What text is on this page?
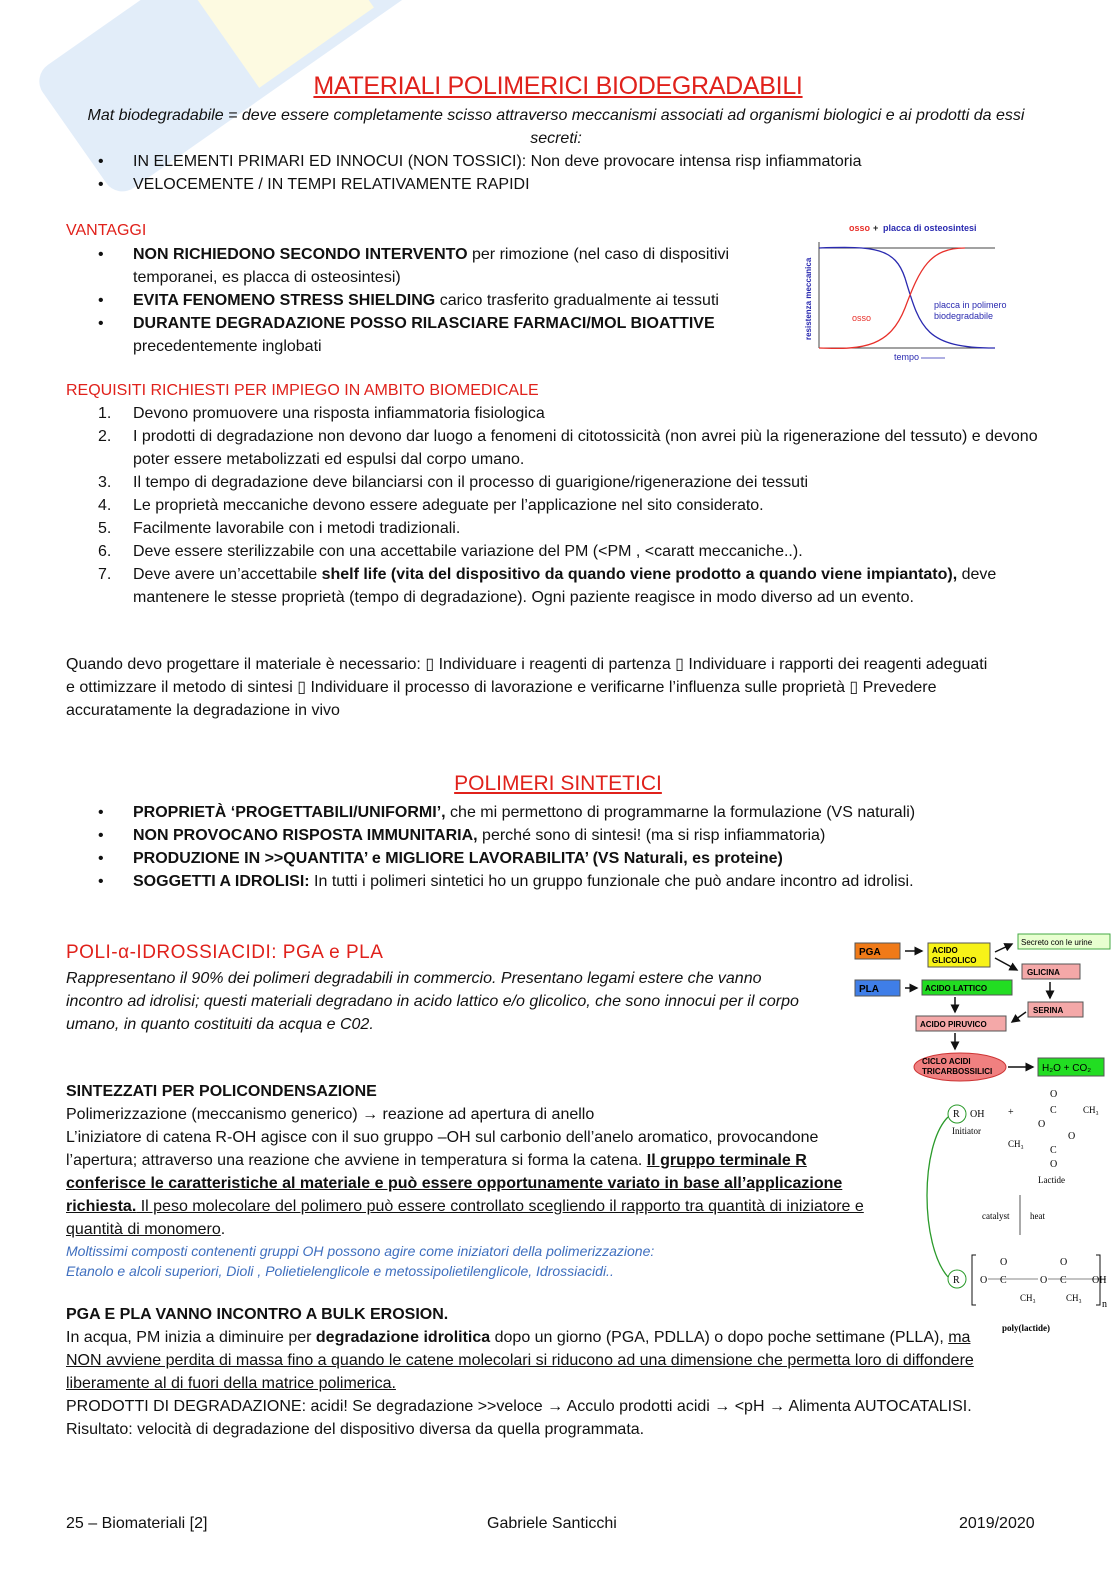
MATERIALI POLIMERICI BIODEGRADABILI
Mat biodegradabile = deve essere completamente scisso attraverso meccanismi associati ad organismi biologici e ai prodotti da essi secreti:
• IN ELEMENTI PRIMARI ED INNOCUI (NON TOSSICI): Non deve provocare intensa risp infiammatoria
• VELOCEMENTE / IN TEMPI RELATIVAMENTE RAPIDI
VANTAGGI
• NON RICHIEDONO SECONDO INTERVENTO per rimozione (nel caso di dispositivi temporanei, es placca di osteosintesi)
• EVITA FENOMENO STRESS SHIELDING carico trasferito gradualmente ai tessuti
• DURANTE DEGRADAZIONE POSSO RILASCIARE FARMACI/MOL BIOATTIVE precedentemente inglobati
osso + placca di osteosintesi
resistenza meccanica	osso
placca in polimero
biodegradabile
tempo
REQUISITI RICHIESTI PER IMPIEGO IN AMBITO BIOMEDICALE
1. Devono promuovere una risposta infiammatoria fisiologica
2. I prodotti di degradazione non devono dar luogo a fenomeni di citotossicità (non avrei più la rigenerazione del tessuto) e devono poter essere metabolizzati ed espulsi dal corpo umano.
3. Il tempo di degradazione deve bilanciarsi con il processo di guarigione/rigenerazione dei tessuti
4. Le proprietà meccaniche devono essere adeguate per l’applicazione nel sito considerato.
5. Facilmente lavorabile con i metodi tradizionali.
6. Deve essere sterilizzabile con una accettabile variazione del PM (<PM , <caratt meccaniche..).
7. Deve avere un’accettabile shelf life (vita del dispositivo da quando viene prodotto a quando viene impiantato), deve mantenere le stesse proprietà (tempo di degradazione). Ogni paziente reagisce in modo diverso ad un evento.
Quando devo progettare il materiale è necessario: ▯ Individuare i reagenti di partenza ▯ Individuare i rapporti dei reagenti adeguati e ottimizzare il metodo di sintesi ▯ Individuare il processo di lavorazione e verificarne l’influenza sulle proprietà ▯ Prevedere accuratamente la degradazione in vivo
POLIMERI SINTETICI
• PROPRIETÀ ‘PROGETTABILI/UNIFORMI’, che mi permettono di programmarne la formulazione (VS naturali)
• NON PROVOCANO RISPOSTA IMMUNITARIA, perché sono di sintesi! (ma si risp infiammatoria)
• PRODUZIONE IN >>QUANTITA’ e MIGLIORE LAVORABILITA’ (VS Naturali, es proteine)
• SOGGETTI A IDROLISI: In tutti i polimeri sintetici ho un gruppo funzionale che può andare incontro ad idrolisi.
POLI-α-IDROSSIACIDI: PGA e PLA
Rappresentano il 90% dei polimeri degradabili in commercio. Presentano legami estere che vanno incontro ad idrolisi; questi materiali degradano in acido lattico e/o glicolico, che sono innocui per il corpo umano, in quanto costituiti da acqua e C02.
PGA
PLA
ACIDO
GLICOLICO
ACIDO LATTICO
Secreto con le urine
GLICINA
SERINA
ACIDO PIRUVICO
CICLO ACIDI
TRICARBOSSILICI	H₂O + CO₂
R OH
Initiator
+
O
C	CH₃
O
O
CH₃
C
O
Lactide
catalyst heat
R O C
O
O C
O
CH₃	CH₃
n
OH
poly(lactide)
SINTEZZATI PER POLICONDENSAZIONE
Polimerizzazione (meccanismo generico) → reazione ad apertura di anello
L’iniziatore di catena R-OH agisce con il suo gruppo –OH sul carbonio dell’anelo aromatico, provocandone l’apertura; attraverso una reazione che avviene in temperatura si forma la catena. Il gruppo terminale R conferisce le caratteristiche al materiale e può essere opportunamente variato in base all’applicazione richiesta. Il peso molecolare del polimero può essere controllato scegliendo il rapporto tra quantità di iniziatore e quantità di monomero.
Moltissimi composti contenenti gruppi OH possono agire come iniziatori della polimerizzazione:
Etanolo e alcoli superiori, Dioli , Polietielenglicole e metossipolietilenglicole, Idrossiacidi..
PGA E PLA VANNO INCONTRO A BULK EROSION.
In acqua, PM inizia a diminuire per degradazione idrolitica dopo un giorno (PGA, PDLLA) o dopo poche settimane (PLLA), ma NON avviene perdita di massa fino a quando le catene molecolari si riducono ad una dimensione che permetta loro di diffondere liberamente al di fuori della matrice polimerica.
PRODOTTI DI DEGRADAZIONE: acidi! Se degradazione >>veloce → Acculo prodotti acidi → <pH → Alimenta AUTOCATALISI.
Risultato: velocità di degradazione del dispositivo diversa da quella programmata.
25 – Biomateriali [2]	Gabriele Santicchi	2019/2020
